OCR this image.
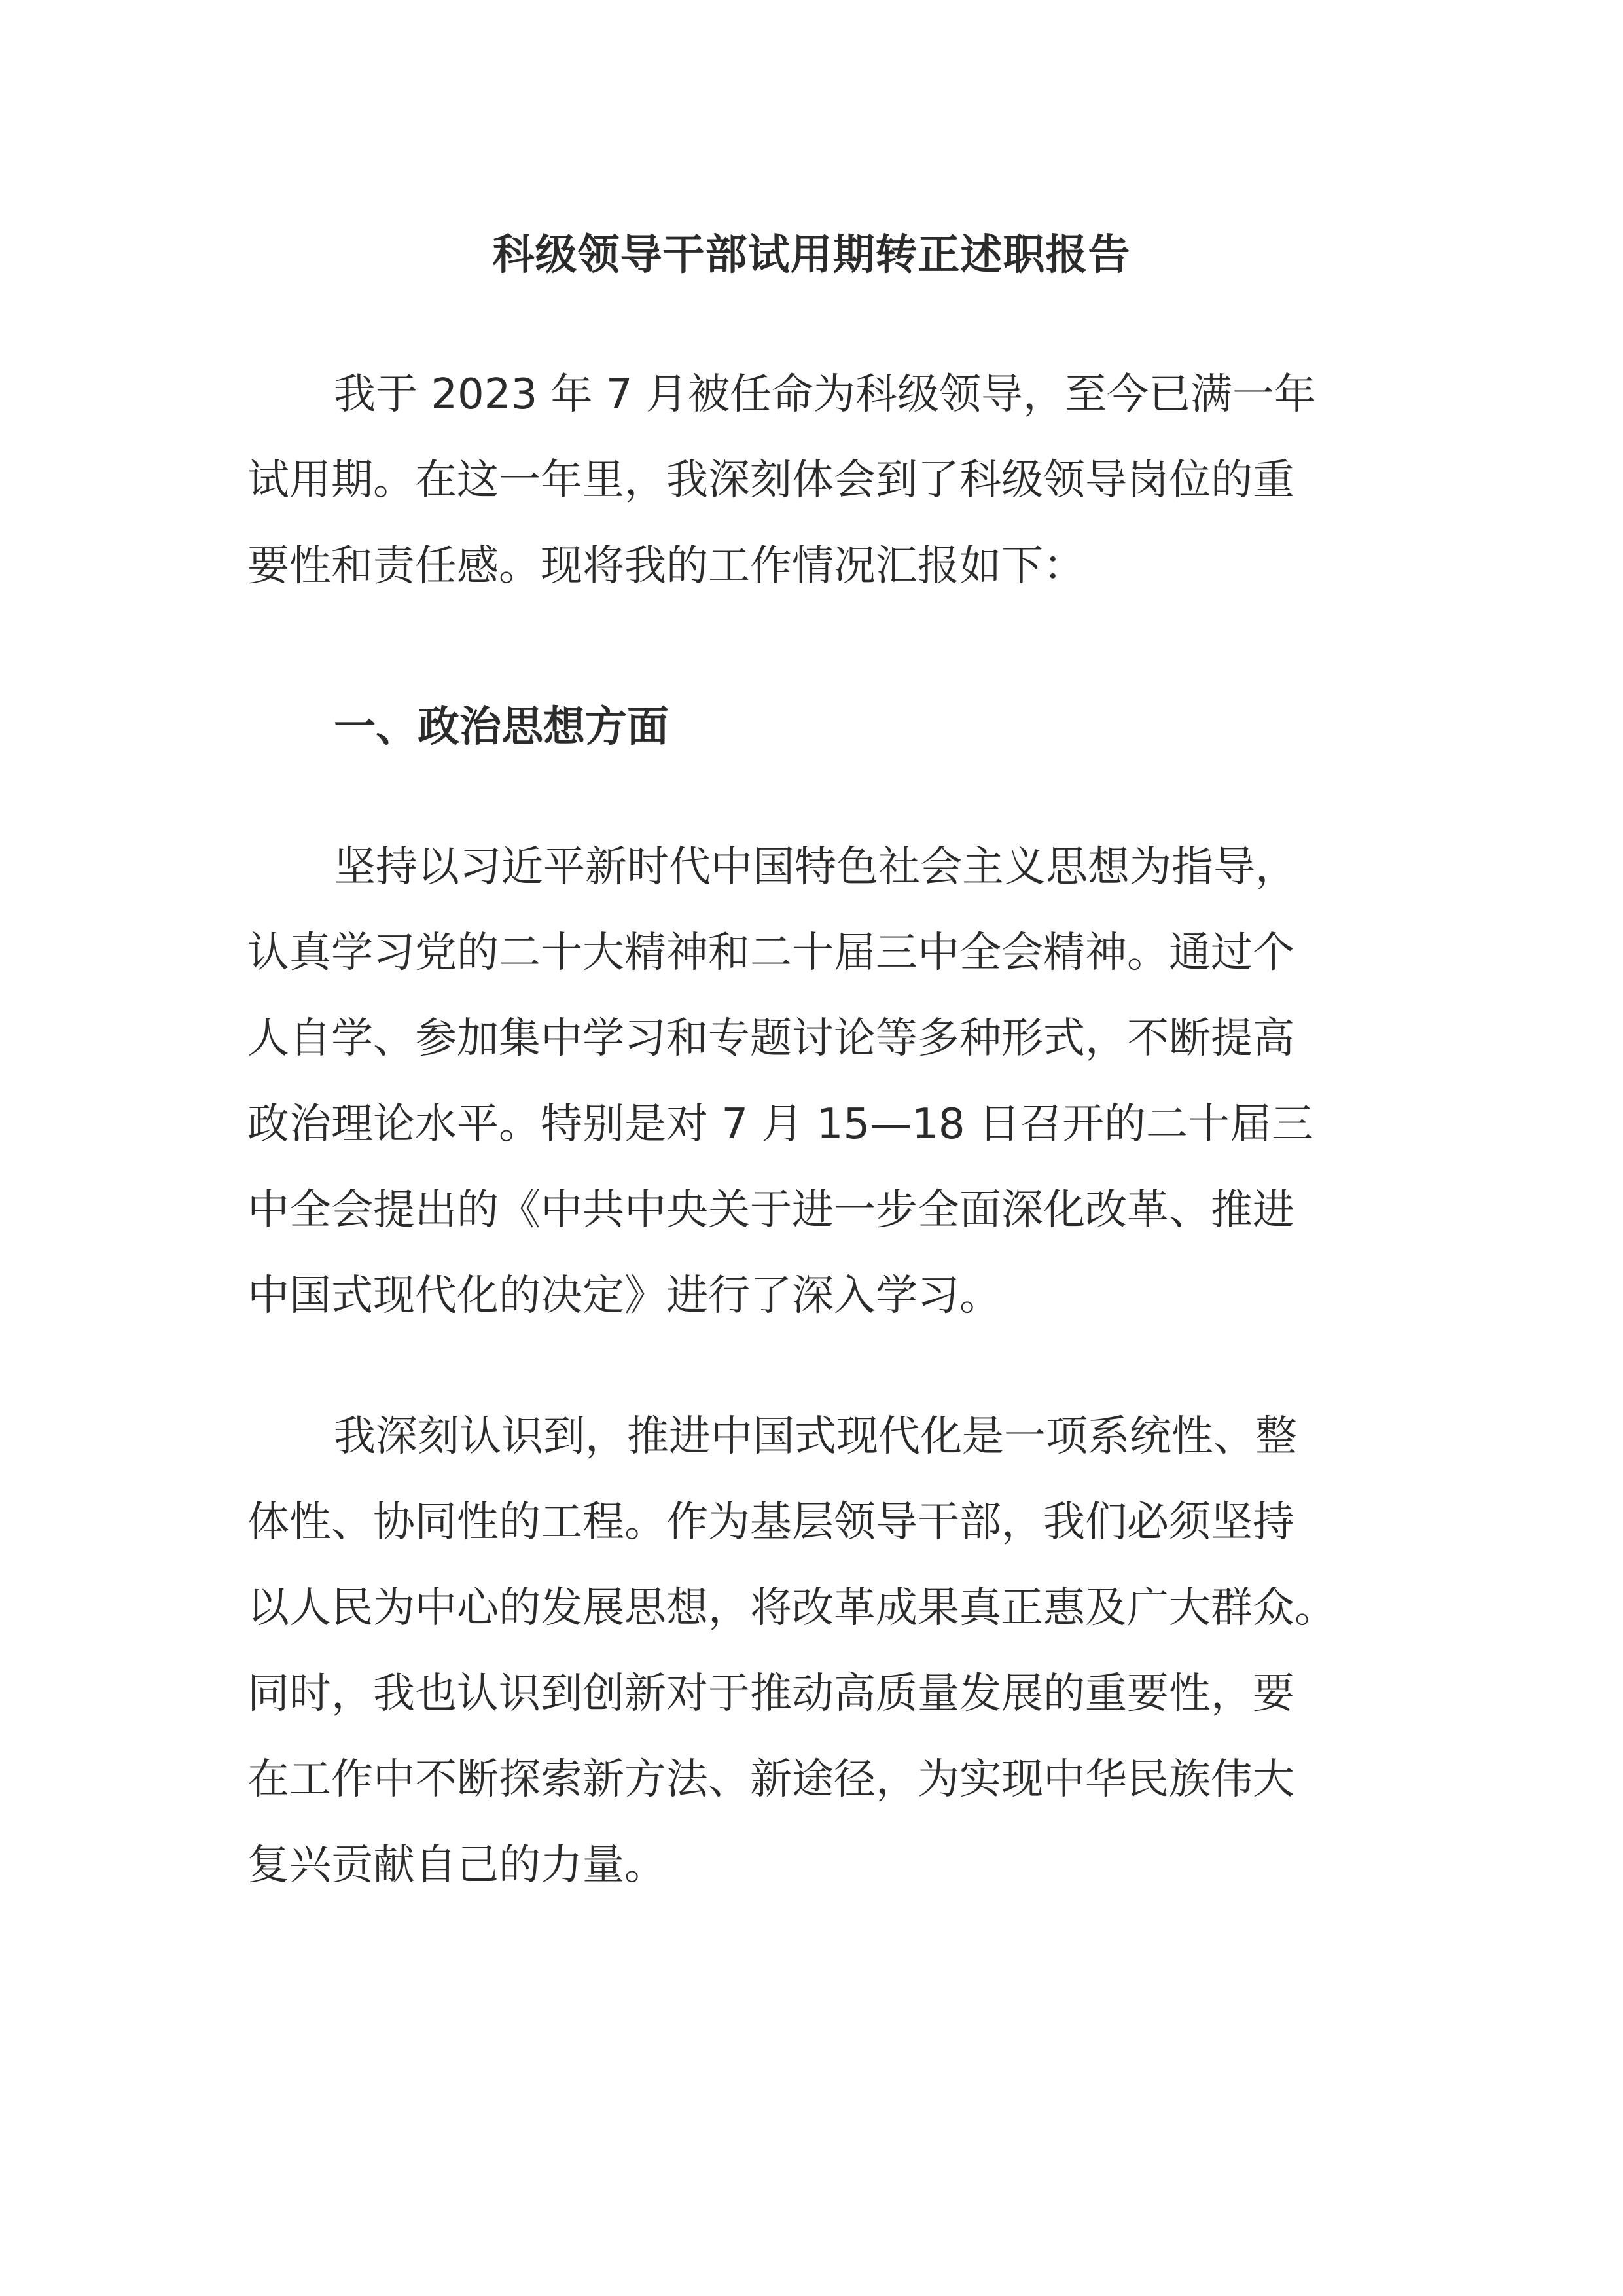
科级领导干部试用期转正述职报告
我于 2023 年 7 月被任命为科级领导，至今已满一年
试用期。在这一年里，我深刻体会到了科级领导岗位的重
要性和责任感。现将我的工作情况汇报如下：
一、政治思想方面
坚持以习近平新时代中国特色社会主义思想为指导，
认真学习党的二十大精神和二十届三中全会精神。通过个
人自学、参加集中学习和专题讨论等多种形式，不断提高
政治理论水平。特别是对 7 月 15—18 日召开的二十届三
中全会提出的《中共中央关于进一步全面深化改革、推进
中国式现代化的决定》进行了深入学习。
我深刻认识到，推进中国式现代化是一项系统性、整
体性、协同性的工程。作为基层领导干部，我们必须坚持
以人民为中心的发展思想，将改革成果真正惠及广大群众。
同时，我也认识到创新对于推动高质量发展的重要性，要
在工作中不断探索新方法、新途径，为实现中华民族伟大
复兴贡献自己的力量。
